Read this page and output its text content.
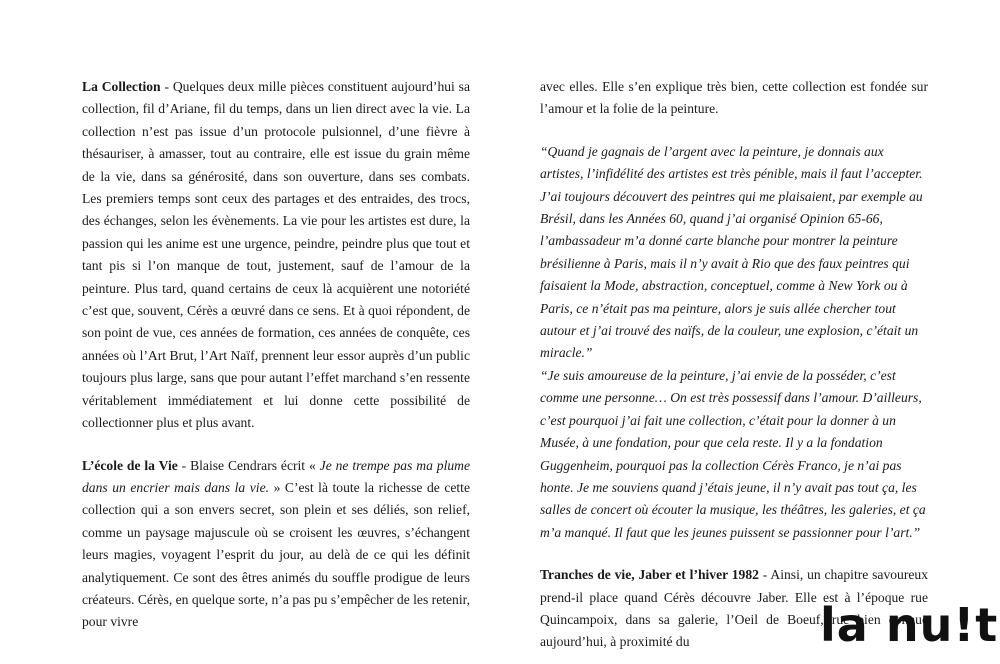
La Collection - Quelques deux mille pièces constituent aujourd’hui sa collection, fil d’Ariane, fil du temps, dans un lien direct avec la vie. La collection n’est pas issue d’un protocole pulsionnel, d’une fièvre à thésauriser, à amasser, tout au contraire, elle est issue du grain même de la vie, dans sa générosité, dans son ouverture, dans ses combats. Les premiers temps sont ceux des partages et des entraides, des trocs, des échanges, selon les évènements. La vie pour les artistes est dure, la passion qui les anime est une urgence, peindre, peindre plus que tout et tant pis si l’on manque de tout, justement, sauf de l’amour de la peinture. Plus tard, quand certains de ceux là acquièrent une notoriété c’est que, souvent, Cérès a œuvré dans ce sens. Et à quoi répondent, de son point de vue, ces années de formation, ces années de conquête, ces années où l’Art Brut, l’Art Naïf, prennent leur essor auprès d’un public toujours plus large, sans que pour autant l’effet marchand s’en ressente véritablement immédiatement et lui donne cette possibilité de collectionner plus et plus avant.

L’école de la Vie - Blaise Cendrars écrit « Je ne trempe pas ma plume dans un encrier mais dans la vie. » C’est là toute la richesse de cette collection qui a son envers secret, son plein et ses déliés, son relief, comme un paysage majuscule où se croisent les œuvres, s’échangent leurs magies, voyagent l’esprit du jour, au delà de ce qui les définit analytiquement. Ce sont des êtres animés du souffle prodigue de leurs créateurs. Cérès, en quelque sorte, n’a pas pu s’empêcher de les retenir, pour vivre

avec elles. Elle s’en explique très bien, cette collection est fondée sur l’amour et la folie de la peinture.

“Quand je gagnais de l’argent avec la peinture, je donnais aux artistes, l’infidélité des artistes est très pénible, mais il faut l’accepter. J’ai toujours découvert des peintres qui me plaisaient, par exemple au Brésil, dans les Années 60, quand j’ai organisé Opinion 65-66, l’ambassadeur m’a donné carte blanche pour montrer la peinture brésilienne à Paris, mais il n’y avait à Rio que des faux peintres qui faisaient la Mode, abstraction, conceptuel, comme à New York ou à Paris, ce n’était pas ma peinture, alors je suis allée chercher tout autour et j’ai trouvé des naïfs, de la couleur, une explosion, c’était un miracle.”

“Je suis amoureuse de la peinture, j’ai envie de la posséder, c’est comme une personne… On est très possessif dans l’amour. D’ailleurs, c’est pourquoi j’ai fait une collection, c’était pour la donner à un Musée, à une fondation, pour que cela reste. Il y a la fondation Guggenheim, pourquoi pas la collection Cérès Franco, je n’ai pas honte. Je me souviens quand j’étais jeune, il n’y avait pas tout ça, les salles de concert où écouter la musique, les théâtres, les galeries, et ça m’a manqué. Il faut que les jeunes puissent se passionner pour l’art.”

Tranches de vie, Jaber et l’hiver 1982 - Ainsi, un chapitre savoureux prend-il place quand Cérès découvre Jaber. Elle est à l’époque rue Quincampoix, dans sa galerie, l’Oeil de Boeuf, rue bien connue aujourd’hui, à proximité du	la nu!t
